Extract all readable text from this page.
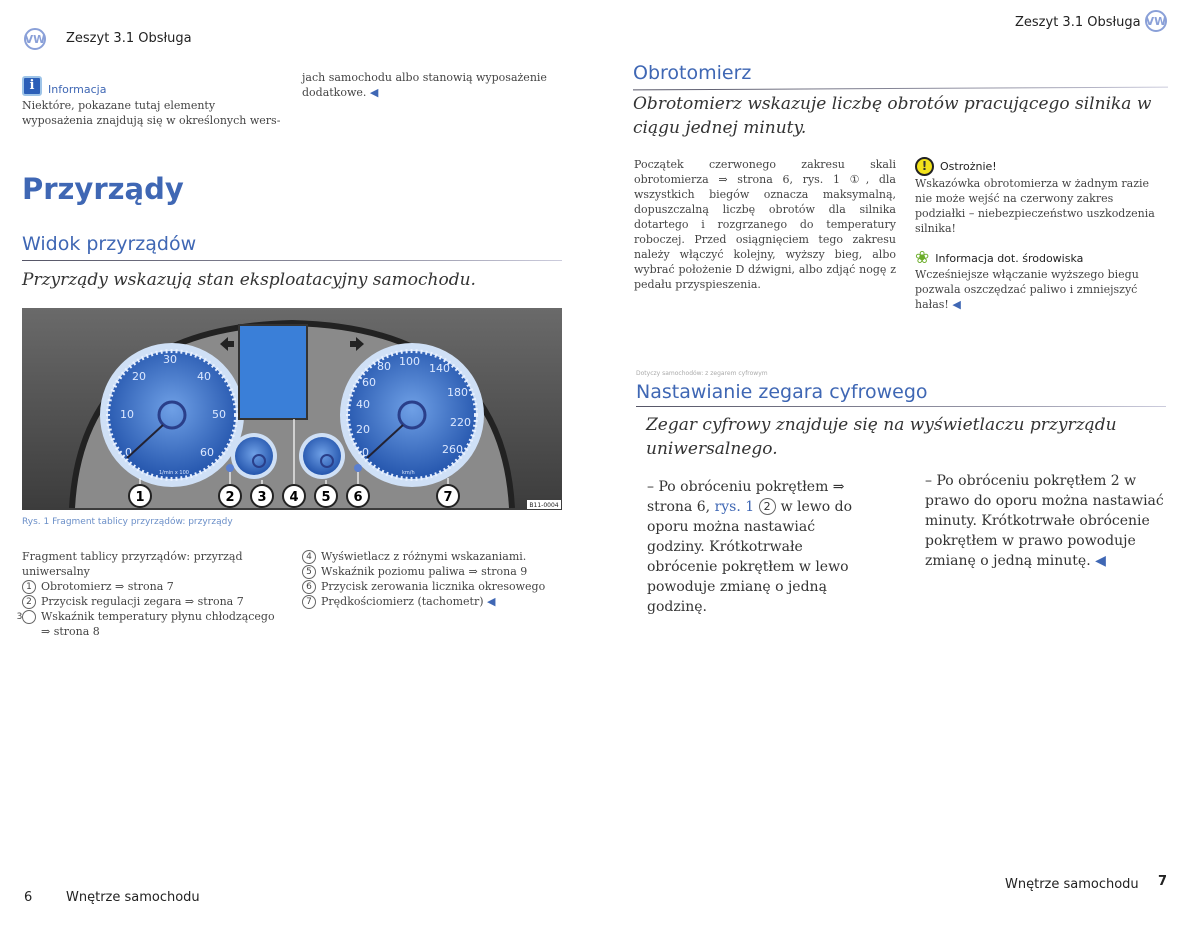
VW Zeszyt 3.1 Obsługa
i	Informacja
Niektóre, pokazane tutaj elementy wyposażenia znajdują się w określonych wers-
jach samochodu albo stanowią wyposażenie dodatkowe. ◀
Przyrządy
Widok przyrządów
Przyrządy wskazują stan eksploatacyjny samochodu.
0
10
20
30
40
50
60
1/min x 100
0
20
40
60
80 100
140
180
220
260
km/h
1	2 3 4 5 6	7
B11-0004
Rys. 1 Fragment tablicy przyrządów: przyrządy
Fragment tablicy przyrządów: przyrząd uniwersalny
1 Obrotomierz ⇒ strona 7
2 Przycisk regulacji zegara ⇒ strona 7
3 Wskaźnik temperatury płynu chłodzącego ⇒ strona 8
4 Wyświetlacz z różnymi wskazaniami.
5 Wskaźnik poziomu paliwa ⇒ strona 9
6 Przycisk zerowania licznika okresowego
7 Prędkościomierz (tachometr) ◀
6	Wnętrze samochodu
Zeszyt 3.1 Obsługa VW
Obrotomierz
Obrotomierz wskazuje liczbę obrotów pracującego silnika w ciągu jednej minuty.
Początek czerwonego zakresu skali obrotomierza ⇒ strona 6, rys. 1 ①, dla wszystkich biegów oznacza maksymalną, dopuszczalną liczbę obrotów dla silnika dotartego i rozgrzanego do temperatury roboczej. Przed osiągnięciem tego zakresu należy włączyć kolejny, wyższy bieg, albo wybrać położenie D dźwigni, albo zdjąć nogę z pedału przyspieszenia.
!	Ostrożnie!
Wskazówka obrotomierza w żadnym razie nie może wejść na czerwony zakres podziałki – niebezpieczeństwo uszkodzenia silnika!
❀ Informacja dot. środowiska
Wcześniejsze włączanie wyższego biegu pozwala oszczędzać paliwo i zmniejszyć hałas! ◀
Dotyczy samochodów: z zegarem cyfrowym
Nastawianie zegara cyfrowego
Zegar cyfrowy znajduje się na wyświetlaczu przyrządu uniwersalnego.
– Po obróceniu pokrętłem ⇒ strona 6, rys. 1 2 w lewo do oporu można nastawiać godziny. Krótkotrwałe obrócenie pokrętłem w lewo powoduje zmianę o jedną godzinę.
– Po obróceniu pokrętłem 2 w prawo do oporu można nastawiać minuty. Krótkotrwałe obrócenie pokrętłem w prawo powoduje zmianę o jedną minutę. ◀
Wnętrze samochodu 7
